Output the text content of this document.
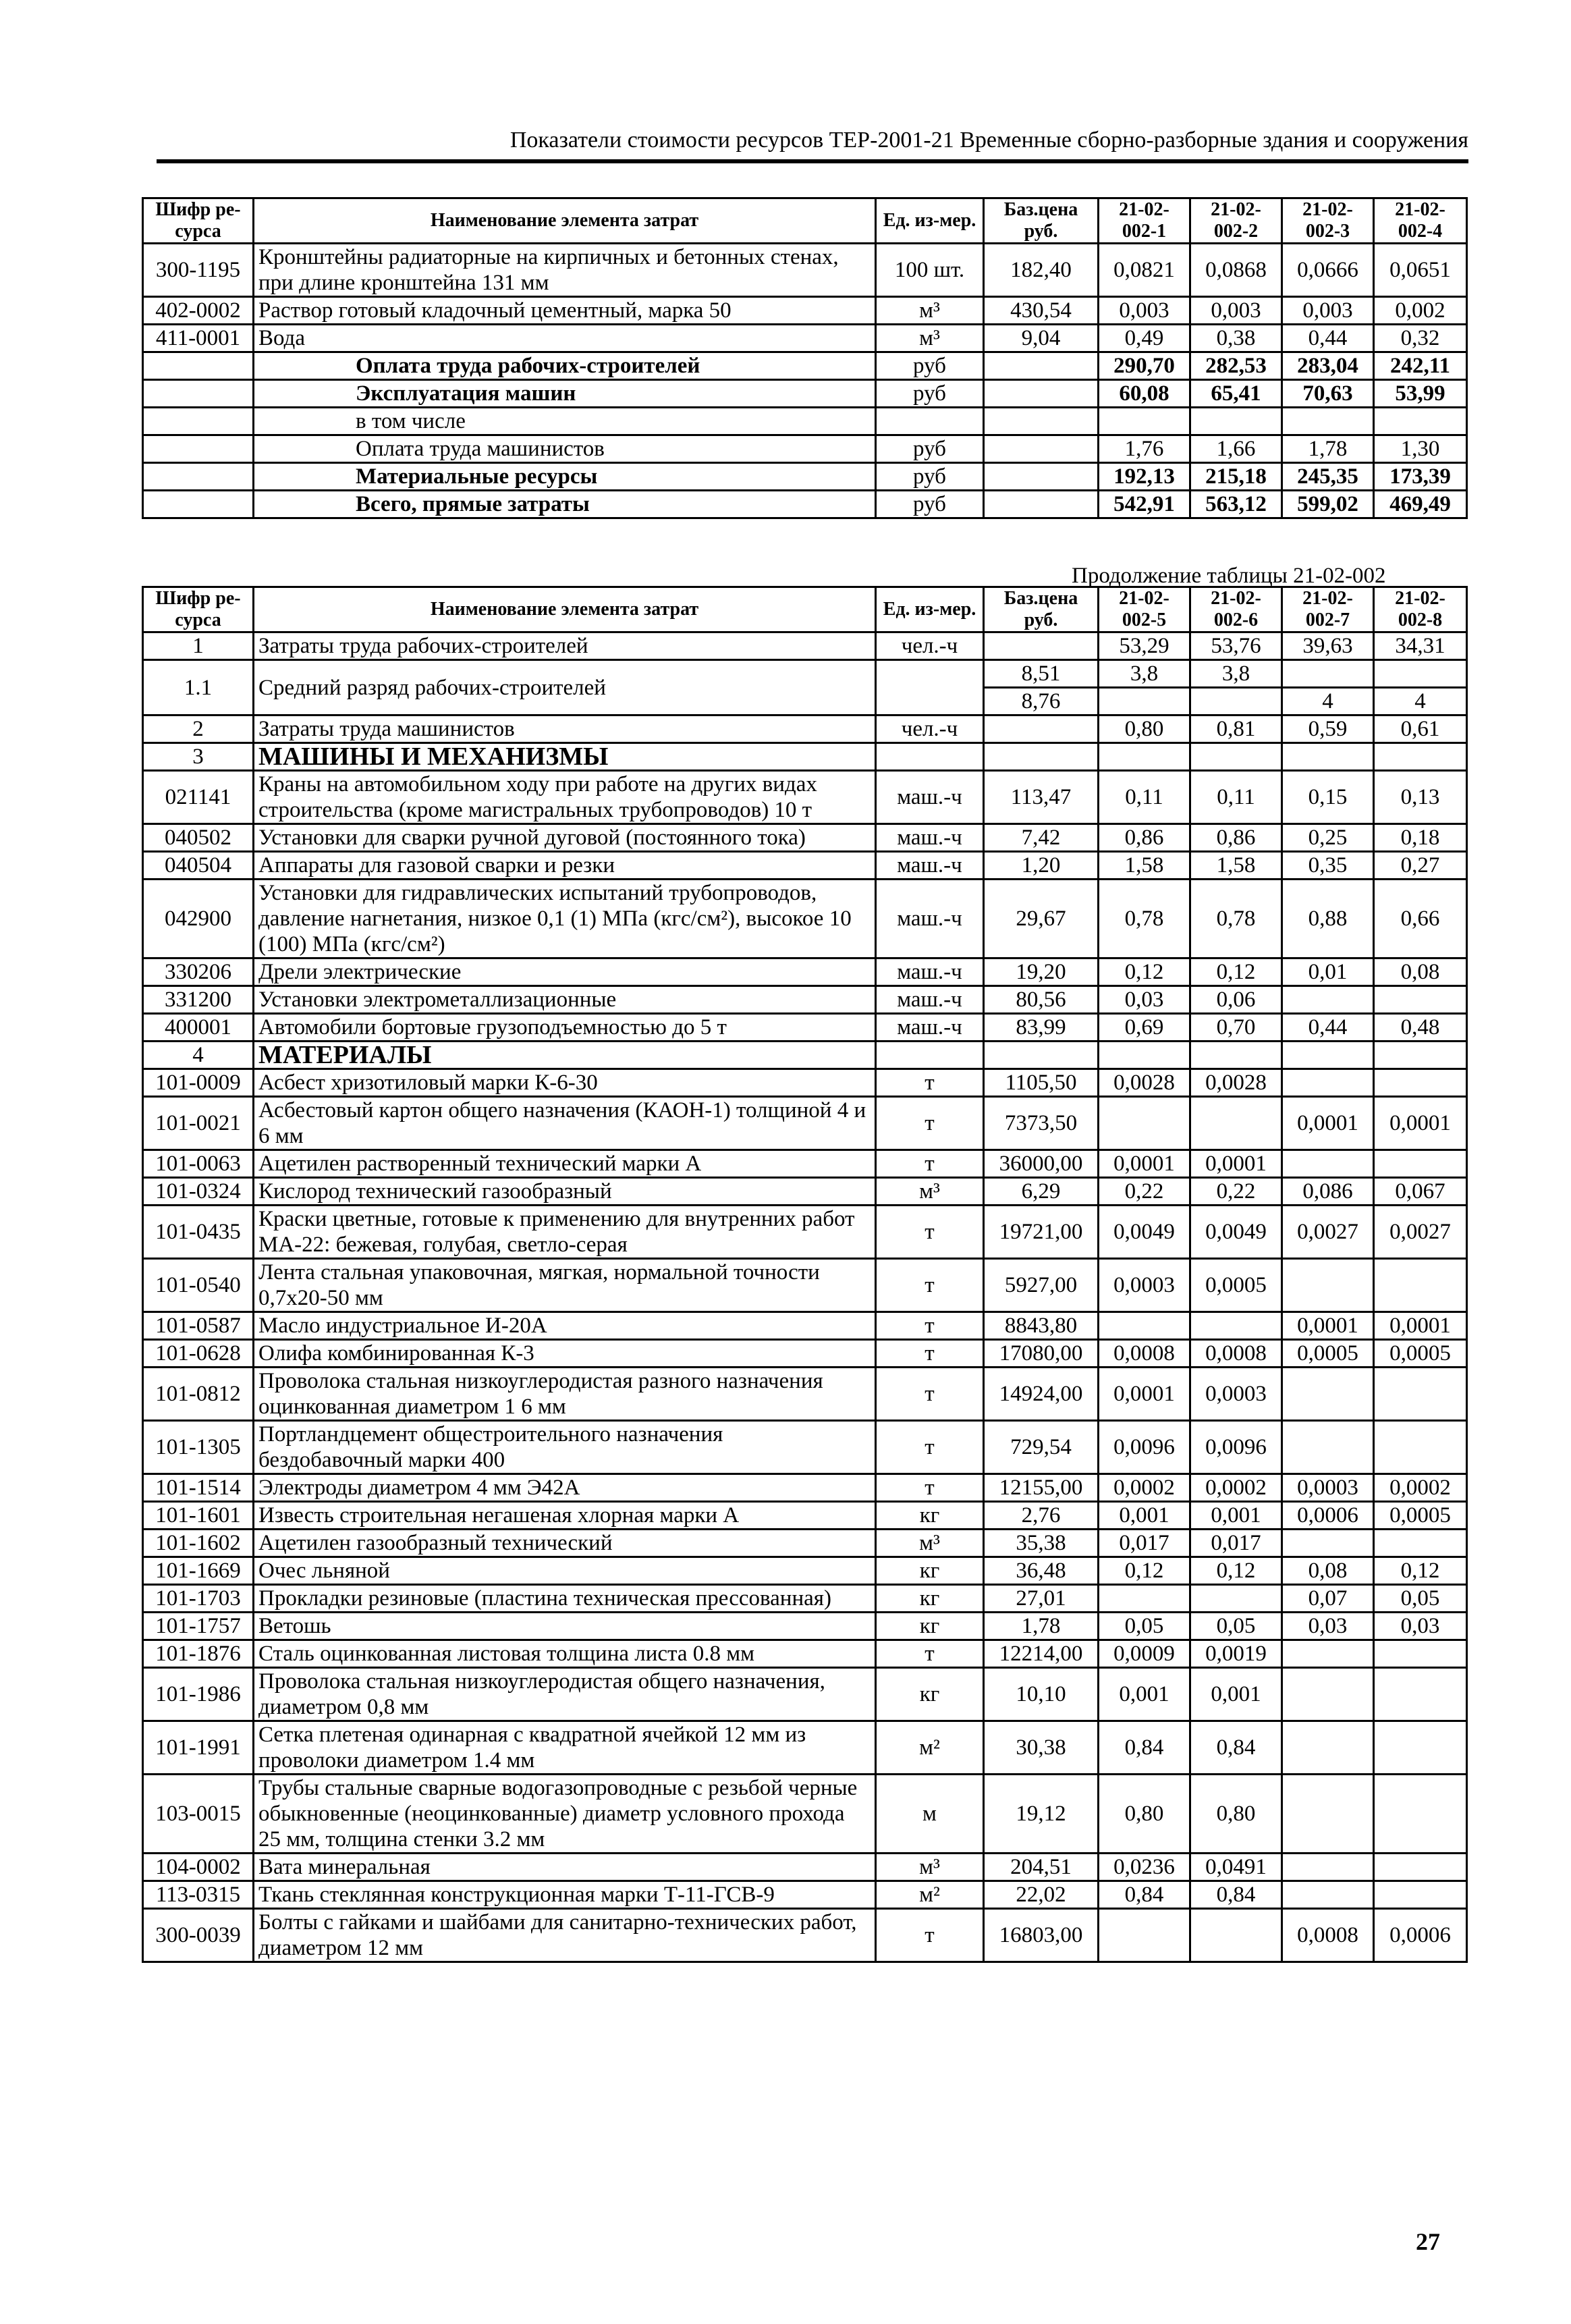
Показатели стоимости ресурсов ТЕР-2001-21 Временные сборно-разборные здания и сооружения
Шифр ре-сурса	Наименование элемента затрат	Ед. из-мер.	Баз.цена руб.	21-02-002-1	21-02-002-2	21-02-002-3	21-02-002-4
300-1195	Кронштейны радиаторные на кирпичных и бетонных стенах, при длине кронштейна 131 мм	100 шт.	182,40	0,0821	0,0868	0,0666	0,0651
402-0002	Раствор готовый кладочный цементный, марка 50	м³	430,54	0,003	0,003	0,003	0,002
411-0001	Вода	м³	9,04	0,49	0,38	0,44	0,32
	Оплата труда рабочих-строителей	руб		290,70	282,53	283,04	242,11
	Эксплуатация машин	руб		60,08	65,41	70,63	53,99
	в том числе						
	Оплата труда машинистов	руб		1,76	1,66	1,78	1,30
	Материальные ресурсы	руб		192,13	215,18	245,35	173,39
	Всего, прямые затраты	руб		542,91	563,12	599,02	469,49
Продолжение таблицы 21-02-002
Шифр ре-сурса	Наименование элемента затрат	Ед. из-мер.	Баз.цена руб.	21-02-002-5	21-02-002-6	21-02-002-7	21-02-002-8
1	Затраты труда рабочих-строителей	чел.-ч		53,29	53,76	39,63	34,31
1.1	Средний разряд рабочих-строителей		8,51	3,8	3,8		
			8,76			4	4
2	Затраты труда машинистов	чел.-ч		0,80	0,81	0,59	0,61
3	МАШИНЫ И МЕХАНИЗМЫ						
021141	Краны на автомобильном ходу при работе на других видах строительства (кроме магистральных трубопроводов) 10 т	маш.-ч	113,47	0,11	0,11	0,15	0,13
040502	Установки для сварки ручной дуговой (постоянного тока)	маш.-ч	7,42	0,86	0,86	0,25	0,18
040504	Аппараты для газовой сварки и резки	маш.-ч	1,20	1,58	1,58	0,35	0,27
042900	Установки для гидравлических испытаний трубопроводов, давление нагнетания, низкое 0,1 (1) МПа (кгс/см²), высокое 10 (100) МПа (кгс/см²)	маш.-ч	29,67	0,78	0,78	0,88	0,66
330206	Дрели электрические	маш.-ч	19,20	0,12	0,12	0,01	0,08
331200	Установки электрометаллизационные	маш.-ч	80,56	0,03	0,06		
400001	Автомобили бортовые грузоподъемностью до 5 т	маш.-ч	83,99	0,69	0,70	0,44	0,48
4	МАТЕРИАЛЫ						
101-0009	Асбест хризотиловый марки К-6-30	т	1105,50	0,0028	0,0028		
101-0021	Асбестовый картон общего назначения (КАОН-1) толщиной 4 и 6 мм	т	7373,50			0,0001	0,0001
101-0063	Ацетилен растворенный технический марки А	т	36000,00	0,0001	0,0001		
101-0324	Кислород технический газообразный	м³	6,29	0,22	0,22	0,086	0,067
101-0435	Краски цветные, готовые к применению для внутренних работ МА-22: бежевая, голубая, светло-серая	т	19721,00	0,0049	0,0049	0,0027	0,0027
101-0540	Лента стальная упаковочная, мягкая, нормальной точности 0,7х20-50 мм	т	5927,00	0,0003	0,0005		
101-0587	Масло индустриальное И-20А	т	8843,80			0,0001	0,0001
101-0628	Олифа комбинированная К-3	т	17080,00	0,0008	0,0008	0,0005	0,0005
101-0812	Проволока стальная низкоуглеродистая разного назначения оцинкованная диаметром 1 6 мм	т	14924,00	0,0001	0,0003		
101-1305	Портландцемент общестроительного назначения бездобавочный марки 400	т	729,54	0,0096	0,0096		
101-1514	Электроды диаметром 4 мм Э42А	т	12155,00	0,0002	0,0002	0,0003	0,0002
101-1601	Известь строительная негашеная хлорная марки А	кг	2,76	0,001	0,001	0,0006	0,0005
101-1602	Ацетилен газообразный технический	м³	35,38	0,017	0,017		
101-1669	Очес льняной	кг	36,48	0,12	0,12	0,08	0,12
101-1703	Прокладки резиновые (пластина техническая прессованная)	кг	27,01			0,07	0,05
101-1757	Ветошь	кг	1,78	0,05	0,05	0,03	0,03
101-1876	Сталь оцинкованная листовая толщина листа 0.8 мм	т	12214,00	0,0009	0,0019		
101-1986	Проволока стальная низкоуглеродистая общего назначения, диаметром 0,8 мм	кг	10,10	0,001	0,001		
101-1991	Сетка плетеная одинарная с квадратной ячейкой 12 мм из проволоки диаметром 1.4 мм	м²	30,38	0,84	0,84		
103-0015	Трубы стальные сварные водогазопроводные с резьбой черные обыкновенные (неоцинкованные) диаметр условного прохода 25 мм, толщина стенки 3.2 мм	м	19,12	0,80	0,80		
104-0002	Вата минеральная	м³	204,51	0,0236	0,0491		
113-0315	Ткань стеклянная конструкционная марки Т-11-ГСВ-9	м²	22,02	0,84	0,84		
300-0039	Болты с гайками и шайбами для санитарно-технических работ, диаметром 12 мм	т	16803,00			0,0008	0,0006
27
